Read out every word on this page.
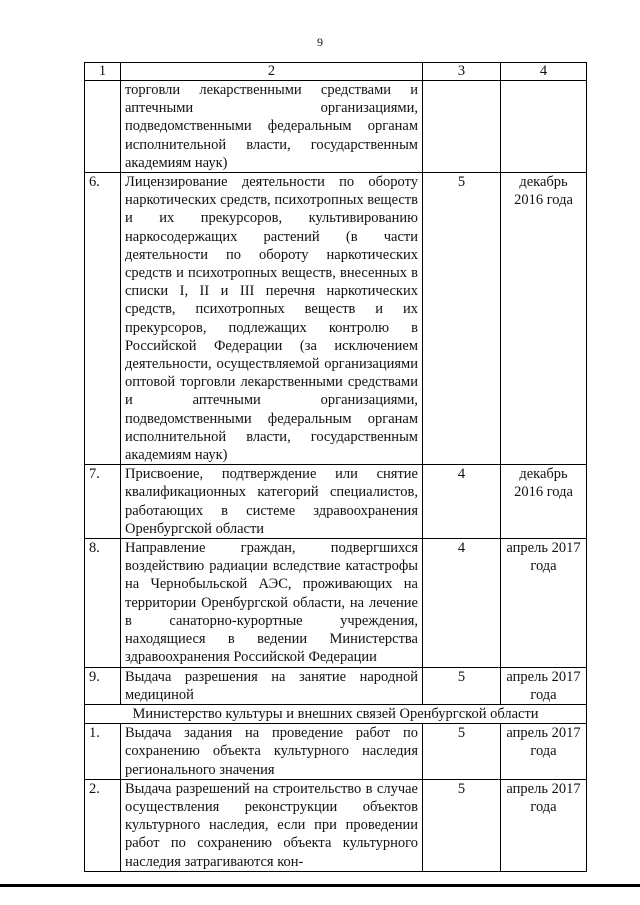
9
1	2	3	4
	торговли лекарственными средствами и аптечными организациями, подведомственными федеральным органам исполнительной власти, государственным академиям наук)		
6.	Лицензирование деятельности по обороту наркотических средств, психотропных веществ и их прекурсоров, культивированию наркосодержащих растений (в части деятельности по обороту наркотических средств и психотропных веществ, внесенных в списки I, II и III перечня наркотических средств, психотропных веществ и их прекурсоров, подлежащих контролю в Российской Федерации (за исключением деятельности, осуществляемой организациями оптовой торговли лекарственными средствами и аптечными организациями, подведомственными федеральным органам исполнительной власти, государственным академиям наук)	5	декабрь 2016 года
7.	Присвоение, подтверждение или снятие квалификационных категорий специалистов, работающих в системе здравоохранения Оренбургской области	4	декабрь 2016 года
8.	Направление граждан, подвергшихся воздействию радиации вследствие катастрофы на Чернобыльской АЭС, проживающих на территории Оренбургской области, на лечение в санаторно-курортные учреждения, находящиеся в ведении Министерства здравоохранения Российской Федерации	4	апрель 2017 года
9.	Выдача разрешения на занятие народной медициной	5	апрель 2017 года
Министерство культуры и внешних связей Оренбургской области			
1.	Выдача задания на проведение работ по сохранению объекта культурного наследия регионального значения	5	апрель 2017 года
2.	Выдача разрешений на строительство в случае осуществления реконструкции объектов культурного наследия, если при проведении работ по сохранению объекта культурного наследия затрагиваются кон-	5	апрель 2017 года
